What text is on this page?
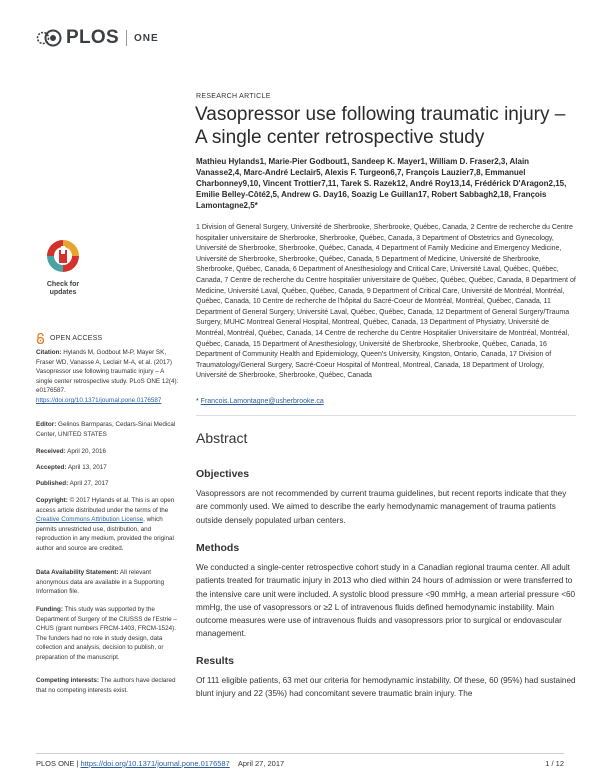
PLOS ONE
RESEARCH ARTICLE
Vasopressor use following traumatic injury – A single center retrospective study
Mathieu Hylands1, Marie-Pier Godbout1, Sandeep K. Mayer1, William D. Fraser2,3, Alain Vanasse2,4, Marc-André Leclair5, Alexis F. Turgeon6,7, François Lauzier7,8, Emmanuel Charbonney9,10, Vincent Trottier7,11, Tarek S. Razek12, André Roy13,14, Frédérick D'Aragon2,15, Emilie Belley-Côté2,5, Andrew G. Day16, Soazig Le Guillan17, Robert Sabbagh2,18, François Lamontagne2,5*
1 Division of General Surgery, Université de Sherbrooke, Sherbrooke, Québec, Canada, 2 Centre de recherche du Centre hospitalier universitaire de Sherbrooke, Sherbrooke, Québec, Canada, 3 Department of Obstetrics and Gynecology, Université de Sherbrooke, Sherbrooke, Québec, Canada, 4 Department of Family Medicine and Emergency Medicine, Université de Sherbrooke, Sherbrooke, Québec, Canada, 5 Department of Medicine, Université de Sherbrooke, Sherbrooke, Québec, Canada, 6 Department of Anesthesiology and Critical Care, Université Laval, Québec, Québec, Canada, 7 Centre de recherche du Centre hospitalier universitaire de Québec, Québec, Québec, Canada, 8 Department of Medicine, Université Laval, Québec, Québec, Canada, 9 Department of Critical Care, Université de Montréal, Montréal, Québec, Canada, 10 Centre de recherche de l'hôpital du Sacré-Coeur de Montréal, Montréal, Québec, Canada, 11 Department of General Surgery, Université Laval, Québec, Québec, Canada, 12 Department of General Surgery/Trauma Surgery, MUHC Montreal General Hospital, Montreal, Québec, Canada, 13 Department of Physiatry, Université de Montréal, Montréal, Québec, Canada, 14 Centre de recherche du Centre Hospitalier Universitaire de Montréal, Montréal, Québec, Canada, 15 Department of Anesthesiology, Université de Sherbrooke, Sherbrooke, Québec, Canada, 16 Department of Community Health and Epidemiology, Queen's University, Kingston, Ontario, Canada, 17 Division of Traumatology/General Surgery, Sacré-Coeur Hospital of Montreal, Montreal, Canada, 18 Department of Urology, Université de Sherbrooke, Sherbrooke, Québec, Canada
* Francois.Lamontagne@usherbrooke.ca
Abstract
Objectives
Vasopressors are not recommended by current trauma guidelines, but recent reports indicate that they are commonly used. We aimed to describe the early hemodynamic management of trauma patients outside densely populated urban centers.
Methods
We conducted a single-center retrospective cohort study in a Canadian regional trauma center. All adult patients treated for traumatic injury in 2013 who died within 24 hours of admission or were transferred to the intensive care unit were included. A systolic blood pressure <90 mmHg, a mean arterial pressure <60 mmHg, the use of vasopressors or ≥2 L of intravenous fluids defined hemodynamic instability. Main outcome measures were use of intravenous fluids and vasopressors prior to surgical or endovascular management.
Results
Of 111 eligible patients, 63 met our criteria for hemodynamic instability. Of these, 60 (95%) had sustained blunt injury and 22 (35%) had concomitant severe traumatic brain injury. The
Check for
updates
OPEN ACCESS
Citation: Hylands M, Godbout M-P, Mayer SK, Fraser WD, Vanasse A, Leclair M-A, et al. (2017) Vasopressor use following traumatic injury – A single center retrospective study. PLoS ONE 12(4): e0176587. https://doi.org/10.1371/journal.pone.0176587
Editor: Gelinos Barmparas, Cedars-Sinai Medical Center, UNITED STATES
Received: April 20, 2016
Accepted: April 13, 2017
Published: April 27, 2017
Copyright: © 2017 Hylands et al. This is an open access article distributed under the terms of the Creative Commons Attribution License, which permits unrestricted use, distribution, and reproduction in any medium, provided the original author and source are credited.
Data Availability Statement: All relevant anonymous data are available in a Supporting Information file.
Funding: This study was supported by the Department of Surgery of the CIUSSS de l'Estrie – CHUS (grant numbers FRCM-1403, FRCM-1524). The funders had no role in study design, data collection and analysis, decision to publish, or preparation of the manuscript.
Competing interests: The authors have declared that no competing interests exist.
PLOS ONE | https://doi.org/10.1371/journal.pone.0176587 April 27, 2017	1 / 12
